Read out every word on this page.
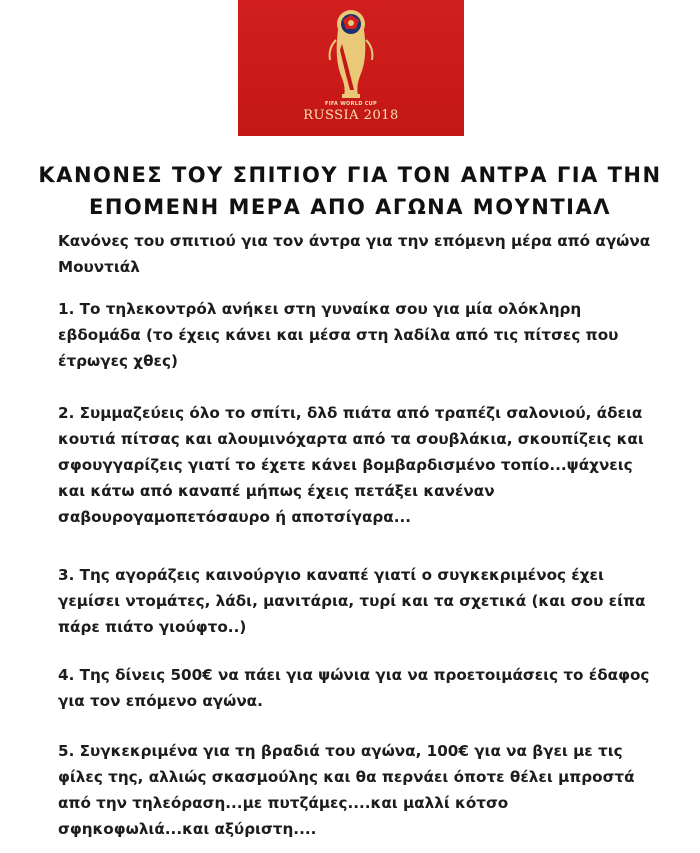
FIFA WORLD CUP
RUSSIA 2018
ΚΑΝΟΝΕΣ ΤΟΥ ΣΠΙΤΙΟΥ ΓΙΑ ΤΟΝ ΑΝΤΡΑ ΓΙΑ ΤΗΝ
ΕΠΟΜΕΝΗ ΜΕΡΑ ΑΠΟ ΑΓΩΝΑ ΜΟΥΝΤΙΑΛ
Κανόνες του σπιτιού για τον άντρα για την επόμενη μέρα από αγώνα
Μουντιάλ
1. Το τηλεκοντρόλ ανήκει στη γυναίκα σου για μία ολόκληρη
εβδομάδα (το έχεις κάνει και μέσα στη λαδίλα από τις πίτσες που
έτρωγες χθες)
2. Συμμαζεύεις όλο το σπίτι, δλδ πιάτα από τραπέζι σαλονιού, άδεια
κουτιά πίτσας και αλουμινόχαρτα από τα σουβλάκια, σκουπίζεις και
σφουγγαρίζεις γιατί το έχετε κάνει βομβαρδισμένο τοπίο...ψάχνεις
και κάτω από καναπέ μήπως έχεις πετάξει κανέναν
σαβουρογαμοπετόσαυρο ή αποτσίγαρα...
3. Της αγοράζεις καινούργιο καναπέ γιατί ο συγκεκριμένος έχει
γεμίσει ντομάτες, λάδι, μανιτάρια, τυρί και τα σχετικά (και σου είπα
πάρε πιάτο γιούφτο..)
4. Της δίνεις 500€ να πάει για ψώνια για να προετοιμάσεις το έδαφος
για τον επόμενο αγώνα.
5. Συγκεκριμένα για τη βραδιά του αγώνα, 100€ για να βγει με τις
φίλες της, αλλιώς σκασμούλης και θα περνάει όποτε θέλει μπροστά
από την τηλεόραση...με πυτζάμες....και μαλλί κότσο
σφηκοφωλιά...και αξύριστη....
